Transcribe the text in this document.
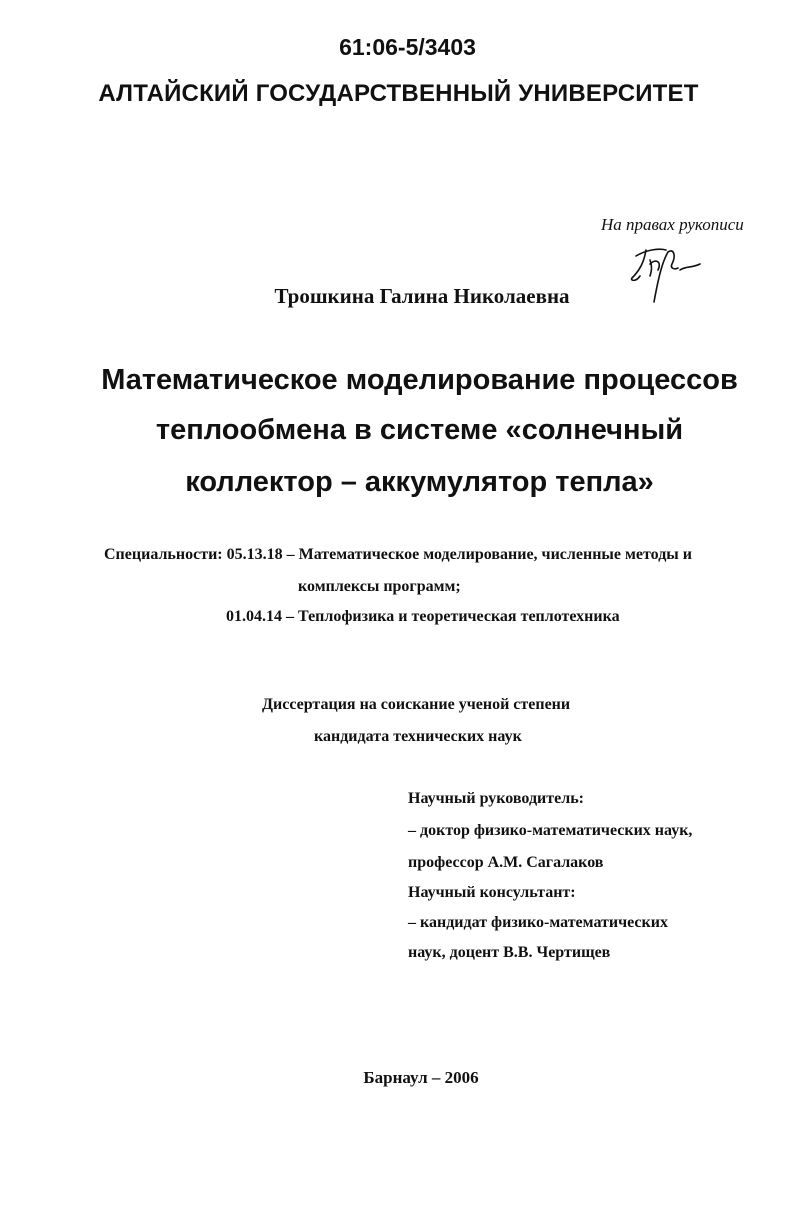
61:06-5/3403
АЛТАЙСКИЙ ГОСУДАРСТВЕННЫЙ УНИВЕРСИТЕТ
На правах рукописи
Трошкина Галина Николаевна
Математическое моделирование процессов
теплообмена в системе «солнечный
коллектор – аккумулятор тепла»
Специальности: 05.13.18 – Математическое моделирование, численные методы и
комплексы программ;
01.04.14 – Теплофизика и теоретическая теплотехника
Диссертация на соискание ученой степени
кандидата технических наук
Научный руководитель:
– доктор физико-математических наук,
профессор А.М. Сагалаков
Научный консультант:
– кандидат физико-математических
наук, доцент В.В. Чертищев
Барнаул – 2006
